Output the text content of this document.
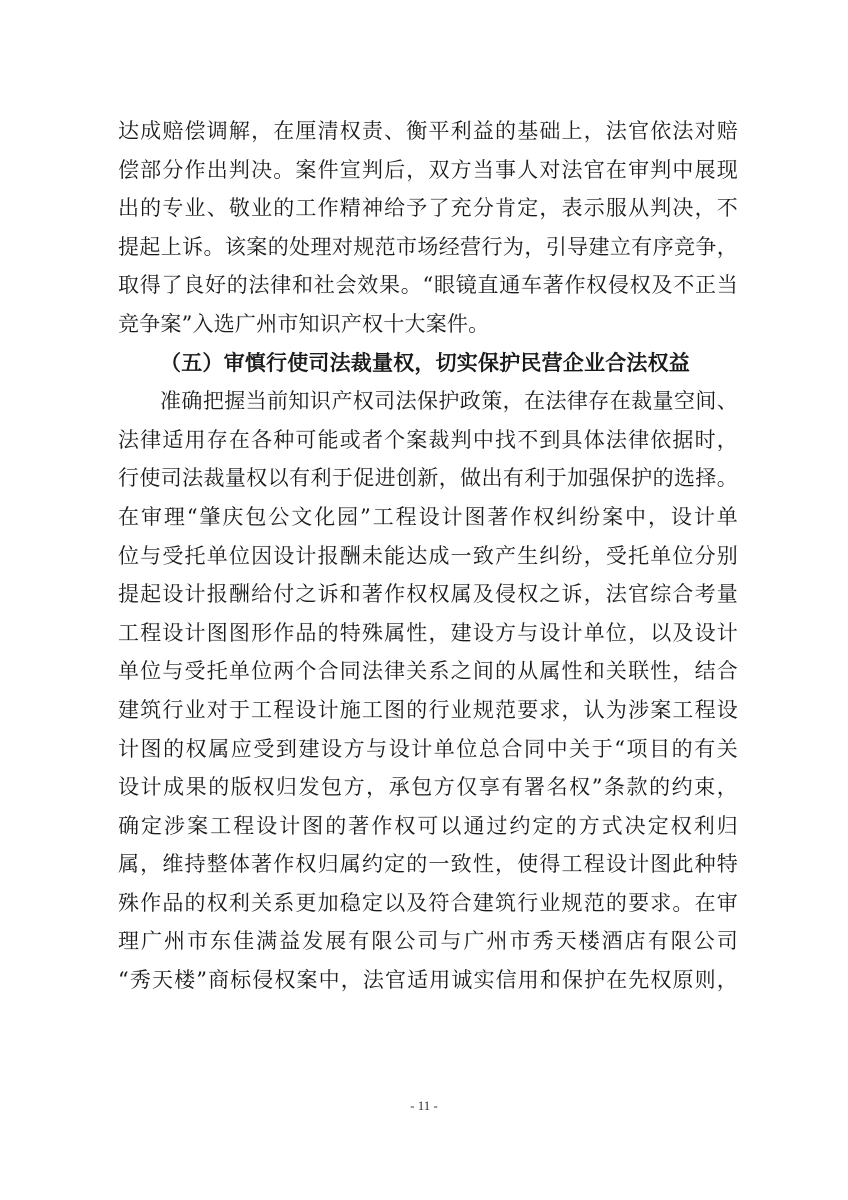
达成赔偿调解，在厘清权责、衡平利益的基础上，法官依法对赔
偿部分作出判决。案件宣判后，双方当事人对法官在审判中展现
出的专业、敬业的工作精神给予了充分肯定，表示服从判决，不
提起上诉。该案的处理对规范市场经营行为，引导建立有序竞争，
取得了良好的法律和社会效果。“眼镜直通车著作权侵权及不正当
竞争案”入选广州市知识产权十大案件。
（五）审慎行使司法裁量权，切实保护民营企业合法权益
准确把握当前知识产权司法保护政策，在法律存在裁量空间、
法律适用存在各种可能或者个案裁判中找不到具体法律依据时，
行使司法裁量权以有利于促进创新，做出有利于加强保护的选择。
在审理“肇庆包公文化园”工程设计图著作权纠纷案中，设计单
位与受托单位因设计报酬未能达成一致产生纠纷，受托单位分别
提起设计报酬给付之诉和著作权权属及侵权之诉，法官综合考量
工程设计图图形作品的特殊属性，建设方与设计单位，以及设计
单位与受托单位两个合同法律关系之间的从属性和关联性，结合
建筑行业对于工程设计施工图的行业规范要求，认为涉案工程设
计图的权属应受到建设方与设计单位总合同中关于“项目的有关
设计成果的版权归发包方，承包方仅享有署名权”条款的约束，
确定涉案工程设计图的著作权可以通过约定的方式决定权利归
属，维持整体著作权归属约定的一致性，使得工程设计图此种特
殊作品的权利关系更加稳定以及符合建筑行业规范的要求。在审
理广州市东佳满益发展有限公司与广州市秀天楼酒店有限公司
“秀天楼”商标侵权案中，法官适用诚实信用和保护在先权原则，
- 11 -
